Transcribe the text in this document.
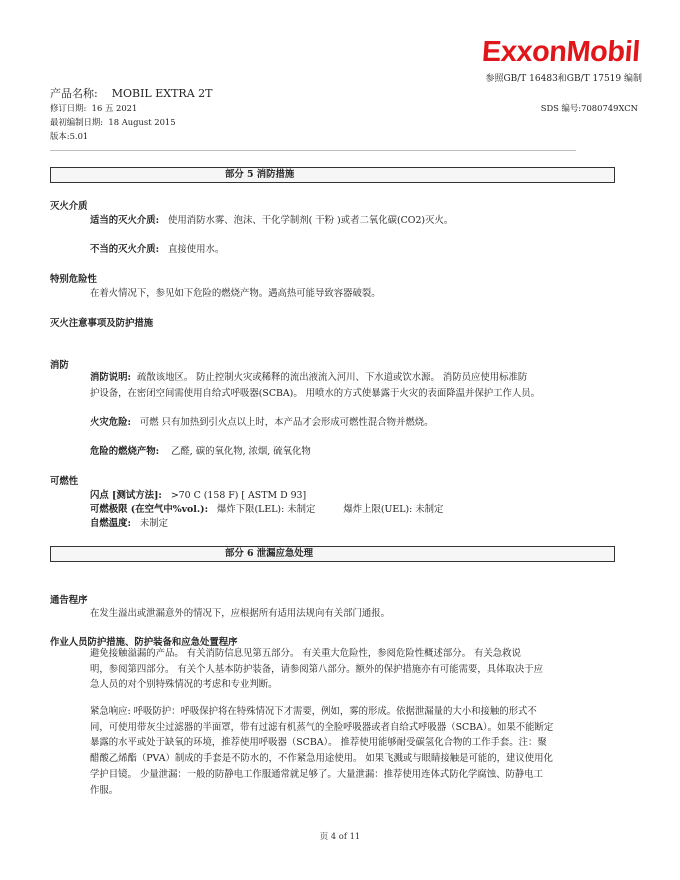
ExxonMobil
参照GB/T 16483和GB/T 17519 编制
产品名称: MOBIL EXTRA 2T
修订日期: 16 五 2021	SDS 编号:7080749XCN
最初编制日期: 18 August 2015
版本:5.01
部分 5 消防措施
灭火介质
适当的灭火介质: 使用消防水雾、泡沫、干化学制剂( 干粉 )或者二氧化碳(CO2)灭火。
不当的灭火介质: 直接使用水。
特别危险性
在着火情况下，参见如下危险的燃烧产物。遇高热可能导致容器破裂。
灭火注意事项及防护措施
消防
消防说明: 疏散该地区。 防止控制火灾或稀释的流出液流入河川、下水道或饮水源。 消防员应使用标准防
护设备，在密闭空间需使用自给式呼吸器(SCBA)。 用喷水的方式使暴露于火灾的表面降温并保护工作人员。
火灾危险: 可燃 只有加热到引火点以上时，本产品才会形成可燃性混合物并燃烧。
危险的燃烧产物: 乙醛, 碳的氧化物, 浓烟, 硫氧化物
可燃性
闪点 [测试方法]: >70 C (158 F) [ ASTM D 93]
可燃极限 (在空气中%vol.): 爆炸下限(LEL): 未制定	爆炸上限(UEL): 未制定
自燃温度: 未制定
部分 6 泄漏应急处理
通告程序
在发生溢出或泄漏意外的情况下，应根据所有适用法规向有关部门通报。
作业人员防护措施、防护装备和应急处置程序
避免接触溢漏的产品。 有关消防信息见第五部分。 有关重大危险性，参阅危险性概述部分。 有关急救说
明，参阅第四部分。 有关个人基本防护装备，请参阅第八部分。额外的保护措施亦有可能需要，具体取决于应
急人员的对个别特殊情况的考虑和专业判断。
紧急响应: 呼吸防护：呼吸保护将在特殊情况下才需要，例如，雾的形成。依据泄漏量的大小和接触的形式不
同，可使用带灰尘过滤器的半面罩，带有过滤有机蒸气的全脸呼吸器或者自给式呼吸器（SCBA）。如果不能断定
暴露的水平或处于缺氧的环境，推荐使用呼吸器（SCBA）。 推荐使用能够耐受碳氢化合物的工作手套。注：聚
醋酸乙烯酯（PVA）制成的手套是不防水的，不作紧急用途使用。 如果飞溅或与眼睛接触是可能的，建议使用化
学护目镜。 少量泄漏：一般的防静电工作服通常就足够了。大量泄漏：推荐使用连体式防化学腐蚀、防静电工
作服。
页 4 of 11
